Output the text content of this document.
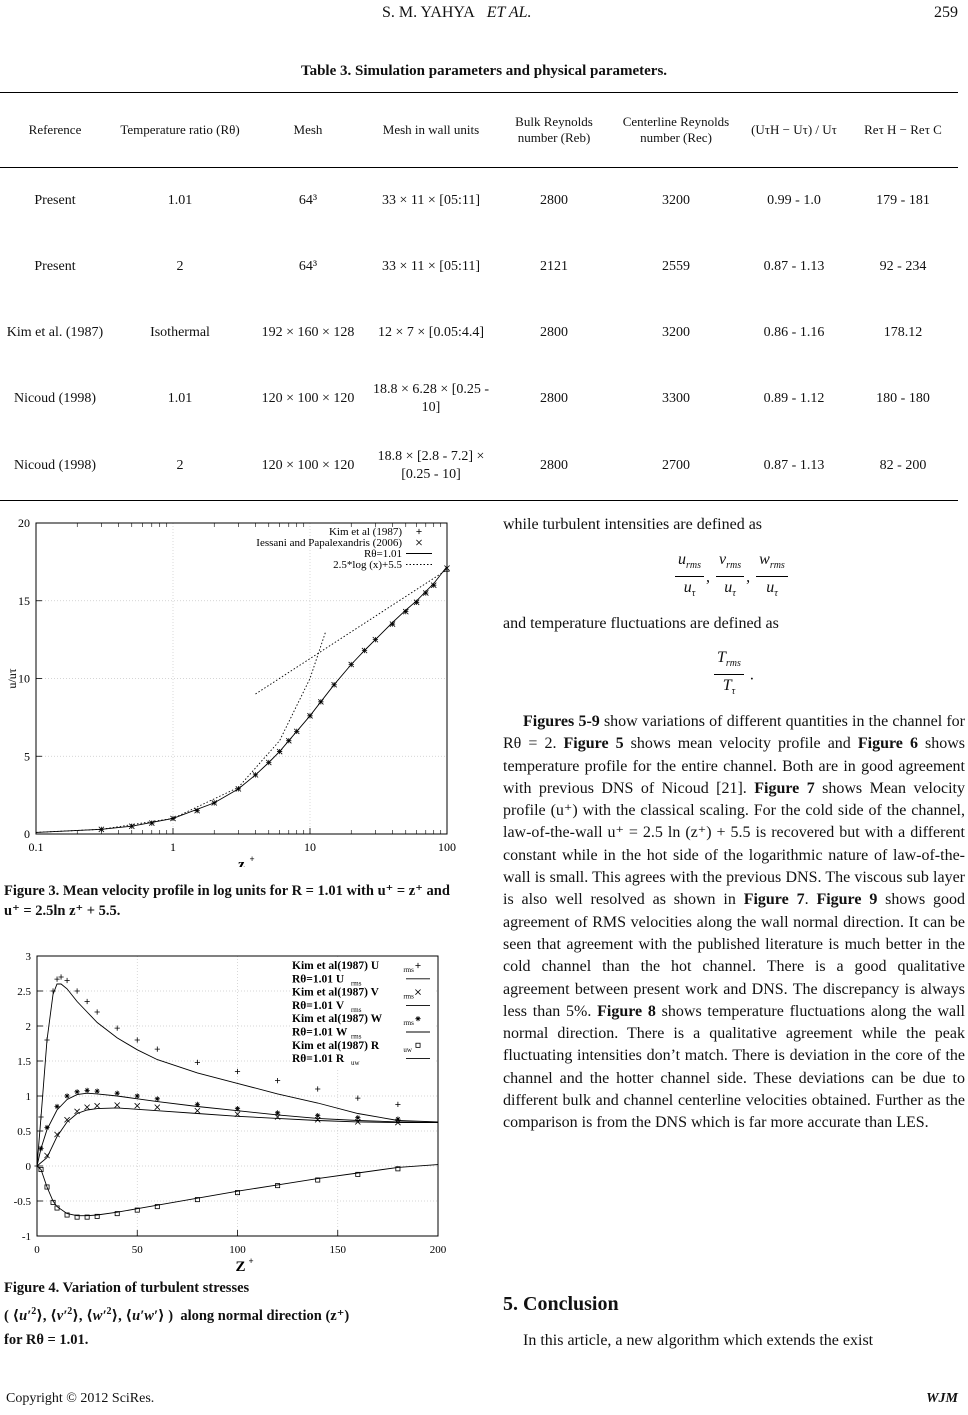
S. M. YAHYA ET AL.	259
Table 3. Simulation parameters and physical parameters.
Reference	Temperature ratio (Rθ)	Mesh	Mesh in wall units	Bulk Reynolds number (Reb)	Centerline Reynolds number (Rec)	(UτH − Uτ) / Uτ	Reτ H − Reτ C
Present	1.01	64³	33 × 11 × [05:11]	2800	3200	0.99 - 1.0	179 - 181
Present	2	64³	33 × 11 × [05:11]	2121	2559	0.87 - 1.13	92 - 234
Kim et al. (1987)	Isothermal	192 × 160 × 128	12 × 7 × [0.05:4.4]	2800	3200	0.86 - 1.16	178.12
Nicoud (1998)	1.01	120 × 100 × 120	18.8 × 6.28 × [0.25 - 10]	2800	3300	0.89 - 1.12	180 - 180
Nicoud (1998)	2	120 × 100 × 120	18.8 × [2.8 - 7.2] × [0.25 - 10]	2800	2700	0.87 - 1.13	82 - 200
0.1	1	10	100
0
5
10
15
20
z +
u/uτ
Kim et al (1987)
Iessani and Papalexandris (2006)
Rθ=1.01
2.5*log (x)+5.5
Figure 3. Mean velocity profile in log units for R = 1.01 with u⁺ = z⁺ and u⁺ = 2.5ln z⁺ + 5.5.
0	50	100	150	200
-1
-0.5
0
0.5
1
1.5
2
2.5
3
Z +
Kim et al(1987) U	rms
Rθ=1.01 U rms
Kim et al(1987) V	rms
Rθ=1.01 V rms
Kim et al(1987) W	rms
Rθ=1.01 W rms
Kim et al(1987) R	uw
Rθ=1.01 R uw
Figure 4. Variation of turbulent stresses
( $⟨u'^2⟩$, $⟨v'^2⟩$, $⟨w'^2⟩$, ⟨u′w′⟩ )  along normal direction (z⁺)
for Rθ = 1.01.
while turbulent intensities are defined as
$\frac{u_{rms}}{u_\tau}$ , $\frac{v_{rms}}{u_\tau}$ , $\frac{w_{rms}}{u_\tau}$
and temperature fluctuations are defined as
$\frac{T_{rms}}{T_\tau}$ .
Figures 5-9 show variations of different quantities in the channel for Rθ = 2. Figure 5 shows mean velocity profile and Figure 6 shows temperature profile for the entire channel. Both are in good agreement with previous DNS of Nicoud [21]. Figure 7 shows Mean velocity profile (u⁺) with the classical scaling. For the cold side of the channel, law-of-the-wall u⁺ = 2.5 ln (z⁺) + 5.5 is recovered but with a different constant while in the hot side of the logarithmic nature of law-of-the-wall is small. This agrees with the previous DNS. The viscous sub layer is also well resolved as shown in Figure 7. Figure 9 shows good agreement of RMS velocities along the wall normal direction. It can be seen that agreement with the published literature is much better in the cold channel than the hot channel. There is a good qualitative agreement between present work and DNS. The discrepancy is always less than 5%. Figure 8 shows temperature fluctuations along the wall normal direction. There is a qualitative agreement while the peak fluctuating intensities don’t match. There is deviation in the core of the channel and the hotter channel side. These deviations can be due to different bulk and channel centerline velocities obtained. Further as the comparison is from the DNS which is far more accurate than LES.
5. Conclusion
In this article, a new algorithm which extends the exist
Copyright © 2012 SciRes.	WJM
